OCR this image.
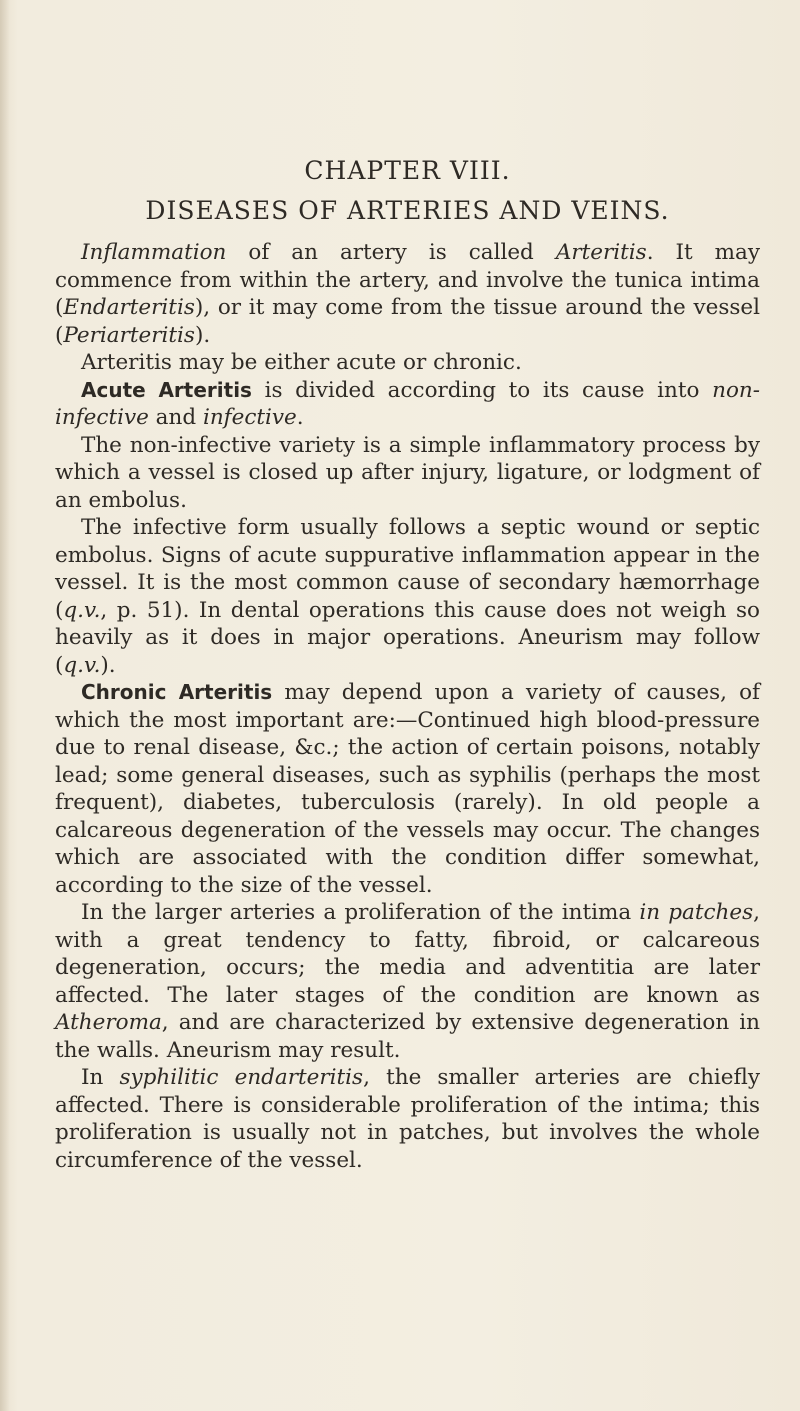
CHAPTER VIII.
DISEASES OF ARTERIES AND VEINS.

Inflammation of an artery is called Arteritis. It may commence from within the artery, and involve the tunica intima (Endarteritis), or it may come from the tissue around the vessel (Periarteritis).

Arteritis may be either acute or chronic.

Acute Arteritis is divided according to its cause into non-infective and infective.

The non-infective variety is a simple inflammatory process by which a vessel is closed up after injury, ligature, or lodgment of an embolus.

The infective form usually follows a septic wound or septic embolus. Signs of acute suppurative inflammation appear in the vessel. It is the most common cause of secondary hæmorrhage (q.v., p. 51). In dental operations this cause does not weigh so heavily as it does in major operations. Aneurism may follow (q.v.).

Chronic Arteritis may depend upon a variety of causes, of which the most important are:—Continued high blood-pressure due to renal disease, &c.; the action of certain poisons, notably lead; some general diseases, such as syphilis (perhaps the most frequent), diabetes, tuberculosis (rarely). In old people a calcareous degeneration of the vessels may occur. The changes which are associated with the condition differ somewhat, according to the size of the vessel.

In the larger arteries a proliferation of the intima in patches, with a great tendency to fatty, fibroid, or calcareous degeneration, occurs; the media and adventitia are later affected. The later stages of the condition are known as Atheroma, and are characterized by extensive degeneration in the walls. Aneurism may result.

In syphilitic endarteritis, the smaller arteries are chiefly affected. There is considerable proliferation of the intima; this proliferation is usually not in patches, but involves the whole circumference of the vessel.
